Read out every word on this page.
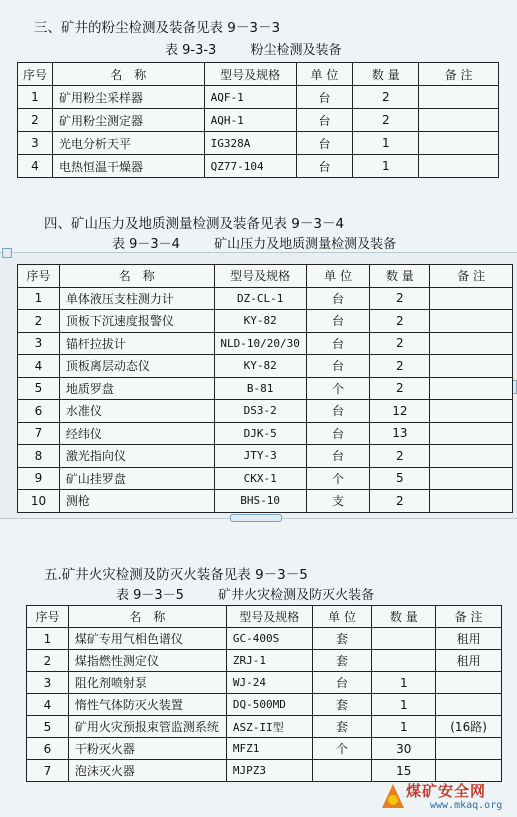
三、矿井的粉尘检测及装备见表 9－3－3
表 9-3-3	粉尘检测及装备
序号	名　称	型号及规格	单 位	数 量	备 注
1	矿用粉尘采样器	AQF-1	台	2	
2	矿用粉尘测定器	AQH-1	台	2	
3	光电分析天平	IG328A	台	1	
4	电热恒温干燥器	QZ77-104	台	1	
四、矿山压力及地质测量检测及装备见表 9－3－4
表 9－3－4	矿山压力及地质测量检测及装备
序号	名　称	型号及规格	单 位	数 量	备 注
1	单体液压支柱测力计	DZ-CL-1	台	2	
2	顶板下沉速度报警仪	KY-82	台	2	
3	锚杆拉拔计	NLD-10/20/30	台	2	
4	顶板离层动态仪	KY-82	台	2	
5	地质罗盘	B-81	个	2	
6	水准仪	DS3-2	台	12	
7	经纬仪	DJK-5	台	13	
8	激光指向仪	JTY-3	台	2	
9	矿山挂罗盘	CKX-1	个	5	
10	测枪	BHS-10	支	2	
五.矿井火灾检测及防灭火装备见表 9－3－5
表 9－3－5	矿井火灾检测及防灭火装备
序号	名　称	型号及规格	单 位	数 量	备 注
1	煤矿专用气相色谱仪	GC-400S	套		租用
2	煤指燃性测定仪	ZRJ-1	套		租用
3	阻化剂喷射泵	WJ-24	台	1	
4	惰性气体防灭火装置	DQ-500MD	套	1	
5	矿用火灾预报束管监测系统	ASZ-II型	套	1	(16路)
6	干粉灭火器	MFZ1	个	30	
7	泡沫灭火器	MJPZ3		15	
煤矿安全网
www.mkaq.org
